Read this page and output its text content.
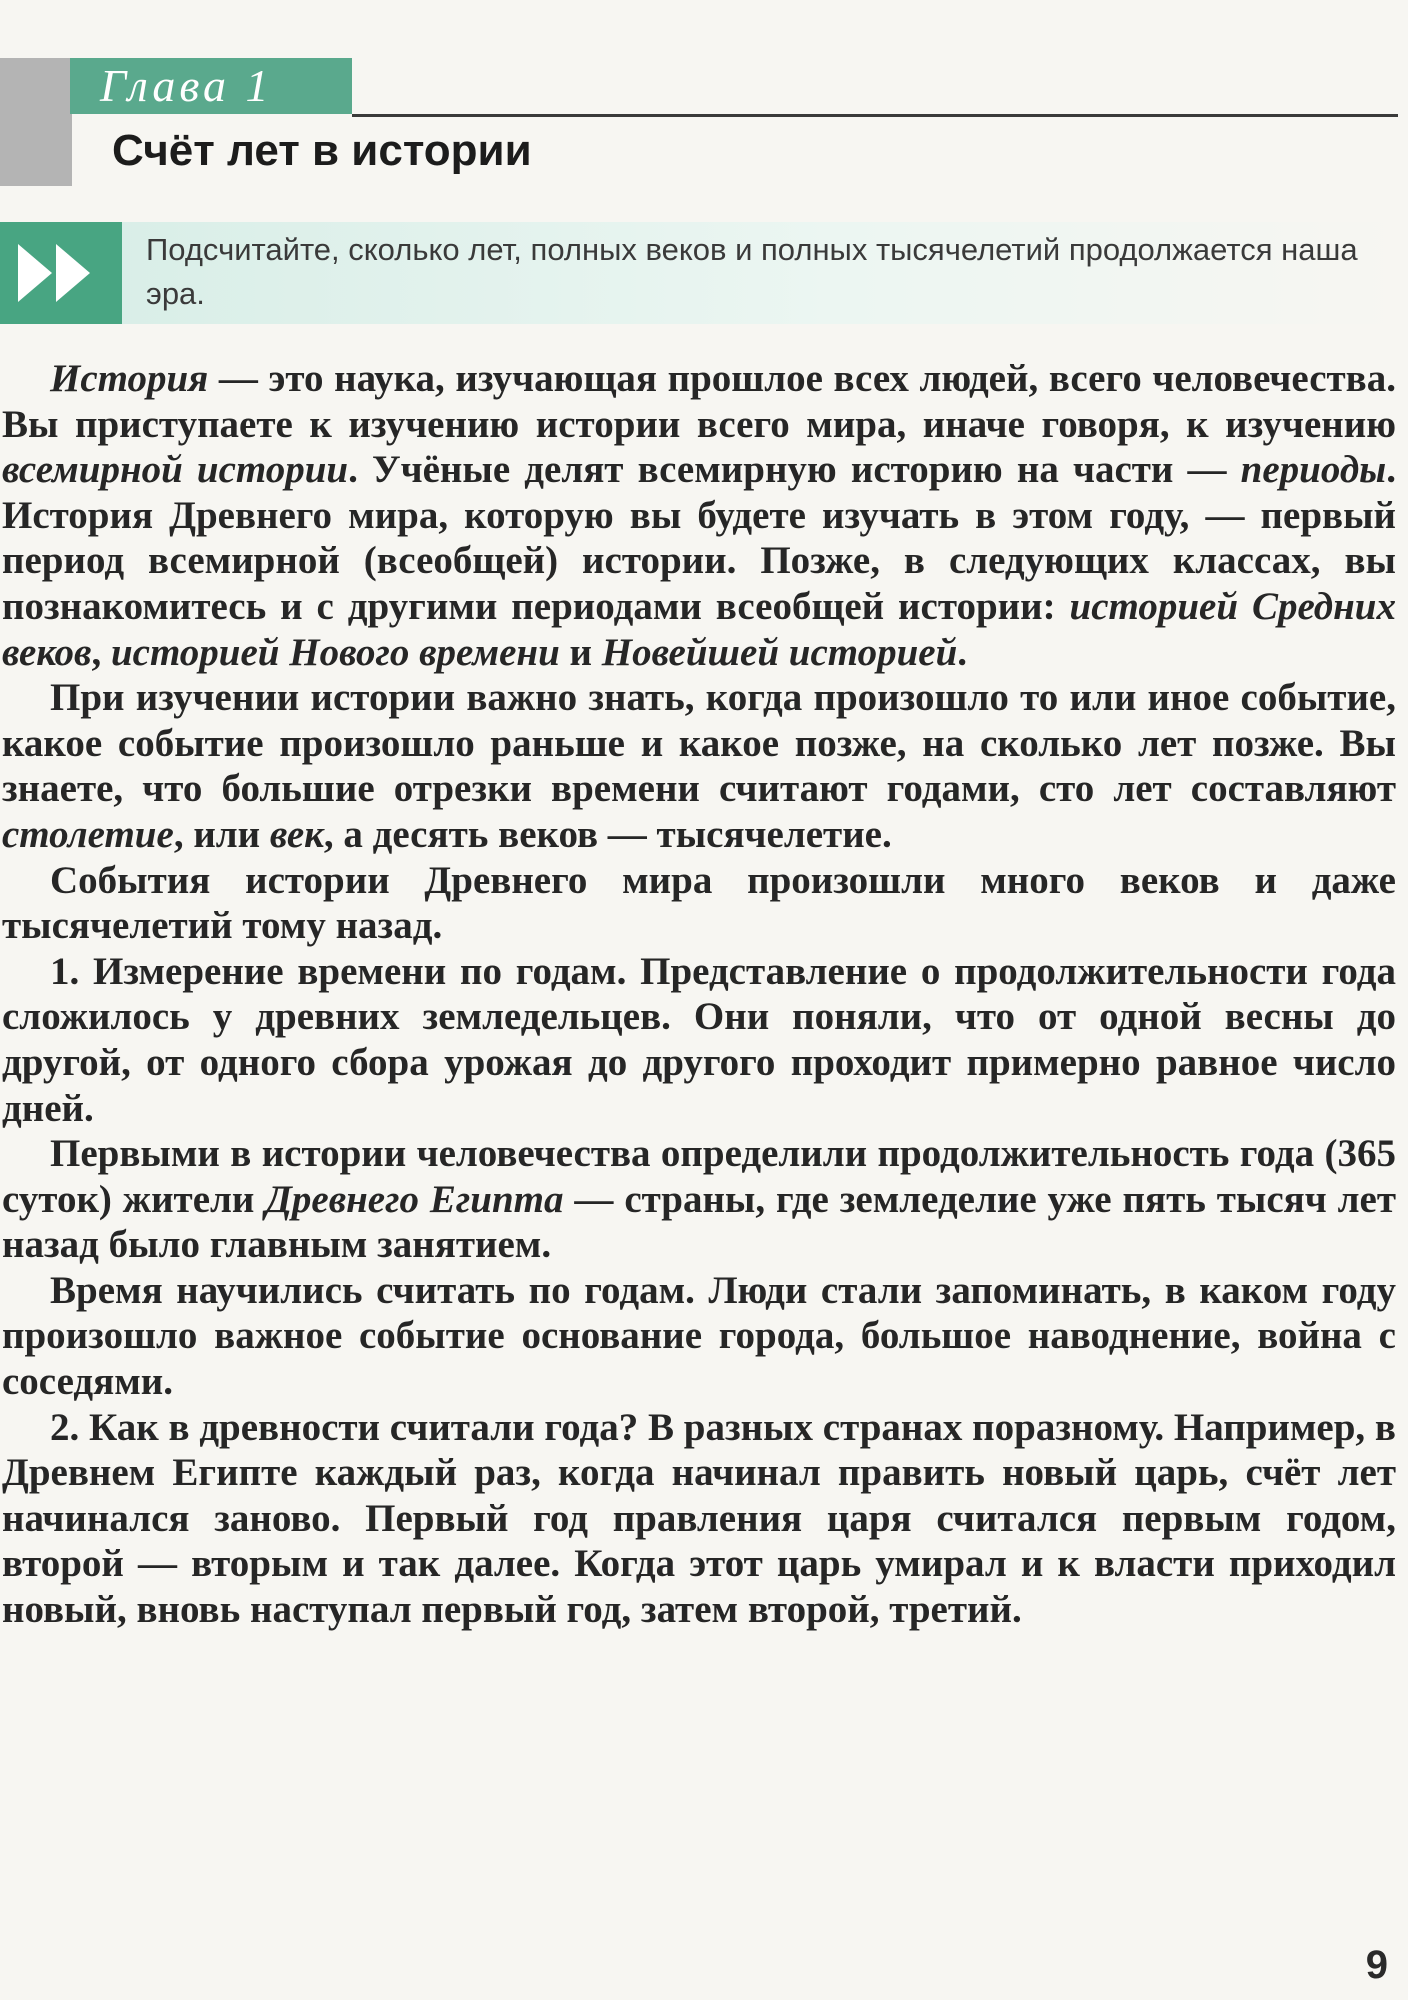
Глава 1
Счёт лет в истории

Подсчитайте, сколько лет, полных веков и полных тысячелетий продолжается наша эра.

История — это наука, изучающая прошлое всех людей, всего человечества. Вы приступаете к изучению истории всего мира, иначе говоря, к изучению всемирной истории. Учёные делят всемирную историю на части — периоды. История Древнего мира, которую вы будете изучать в этом году, — первый период всемирной (всеобщей) истории. Позже, в следующих классах, вы познакомитесь и с другими периодами всеобщей истории: историей Средних веков, историей Нового времени и Новейшей историей.

При изучении истории важно знать, когда произошло то или иное событие, какое событие произошло раньше и какое позже, на сколько лет позже. Вы знаете, что большие отрезки времени считают годами, сто лет составляют столетие, или век, а десять веков — тысячелетие.

События истории Древнего мира произошли много веков и даже тысячелетий тому назад.

1. Измерение времени по годам. Представление о продолжительности года сложилось у древних земледельцев. Они поняли, что от одной весны до другой, от одного сбора урожая до другого проходит примерно равное число дней.

Первыми в истории человечества определили продолжительность года (365 суток) жители Древнего Египта — страны, где земледелие уже пять тысяч лет назад было главным занятием.

Время научились считать по годам. Люди стали запоминать, в каком году произошло важное событие основание города, большое наводнение, война с соседями.

2. Как в древности считали года? В разных странах поразному. Например, в Древнем Египте каждый раз, когда начинал править новый царь, счёт лет начинался заново. Первый год правления царя считался первым годом, второй — вторым и так далее. Когда этот царь умирал и к власти приходил новый, вновь наступал первый год, затем второй, третий.

9
